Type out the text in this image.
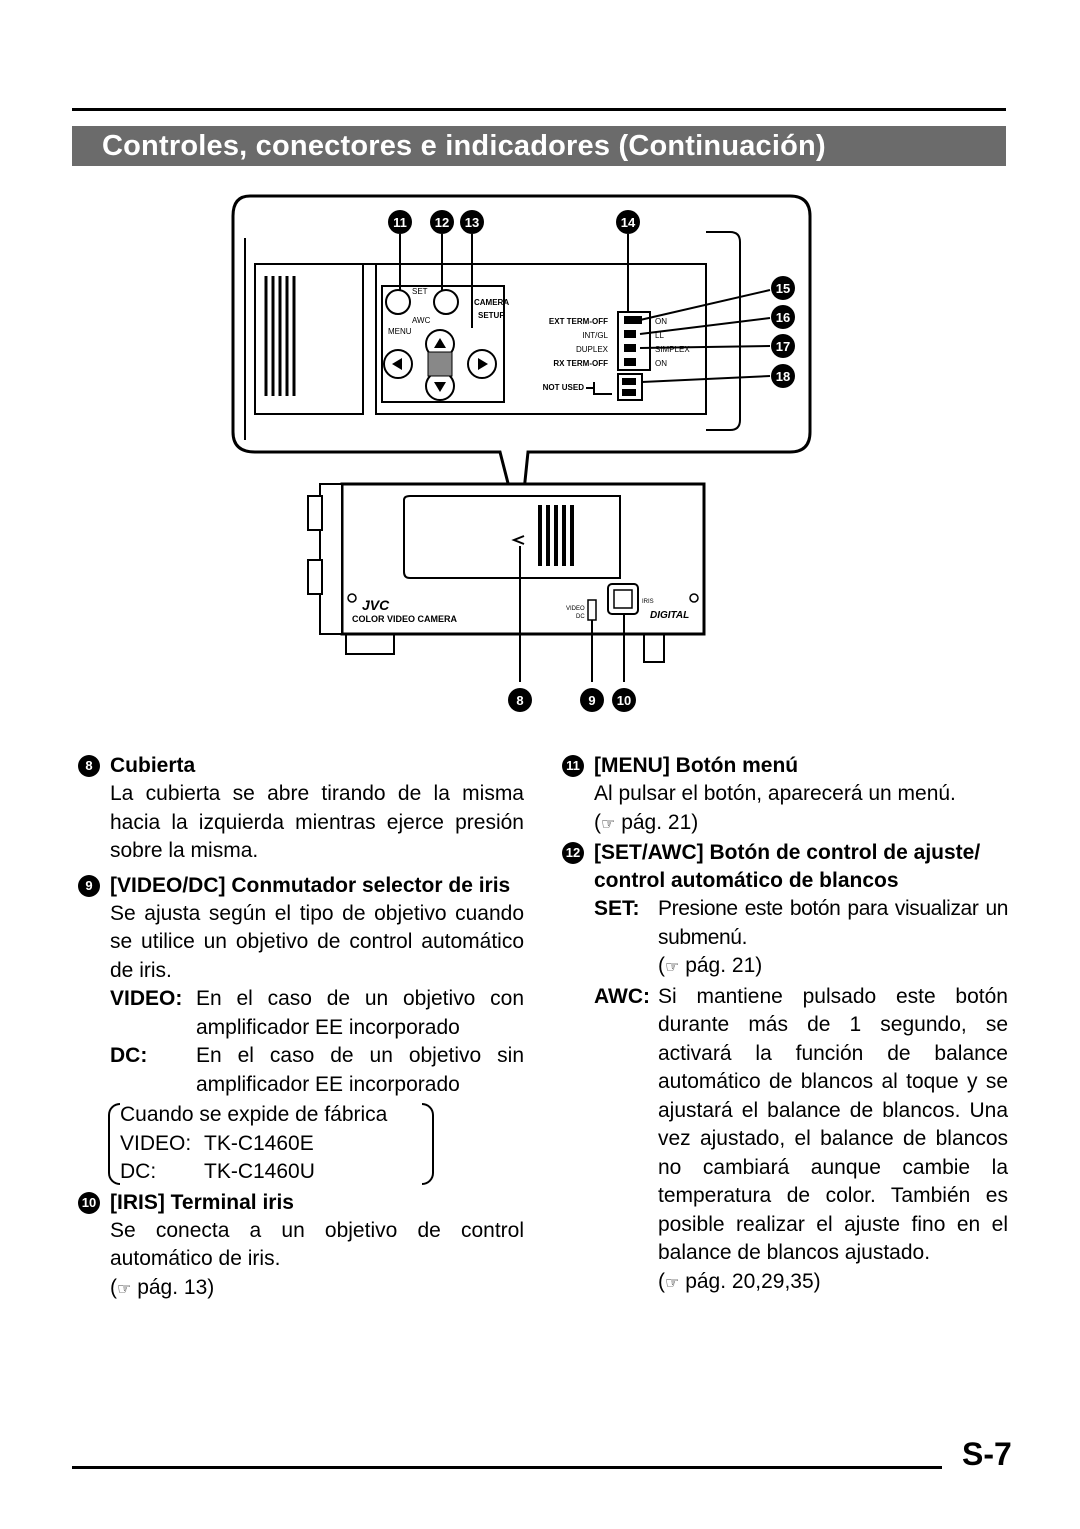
Controles, conectores e indicadores (Continuación)
SET
AWC
MENU
CAMERA
SETUP
EXT TERM-OFF
INT/GL
DUPLEX
RX TERM-OFF
NOT USED
ON
LL
SIMPLEX
ON
JVC
COLOR VIDEO CAMERA
VIDEO
DC
IRIS
DIGITAL
11 12 13	14
15
16
17
18
8	9 10
8 Cubierta
La cubierta se abre tirando de la misma hacia la izquierda mientras ejerce presión sobre la misma.
9 [VIDEO/DC] Conmutador selector de iris
Se ajusta según el tipo de objetivo cuando se utilice un objetivo de control automático de iris.
VIDEO: En el caso de un objetivo con amplificador EE incorporado
DC:	En el caso de un objetivo sin amplificador EE incorporado
Cuando se expide de fábrica
VIDEO: TK-C1460E
DC:	TK-C1460U
10 [IRIS] Terminal iris
Se conecta a un objetivo de control automático de iris.
(☞ pág. 13)
11 [MENU] Botón menú
Al pulsar el botón, aparecerá un menú.
(☞ pág. 21)
12 [SET/AWC] Botón de control de ajuste/ control automático de blancos
SET: Presione este botón para visualizar un submenú.
(☞ pág. 21)
AWC: Si mantiene pulsado este botón durante más de 1 segundo, se activará la función de balance automático de blancos al toque y se ajustará el balance de blancos. Una vez ajustado, el balance de blancos no cambiará aunque cambie la temperatura de color. También es posible realizar el ajuste fino en el balance de blancos ajustado.
(☞ pág. 20,29,35)
S-7
